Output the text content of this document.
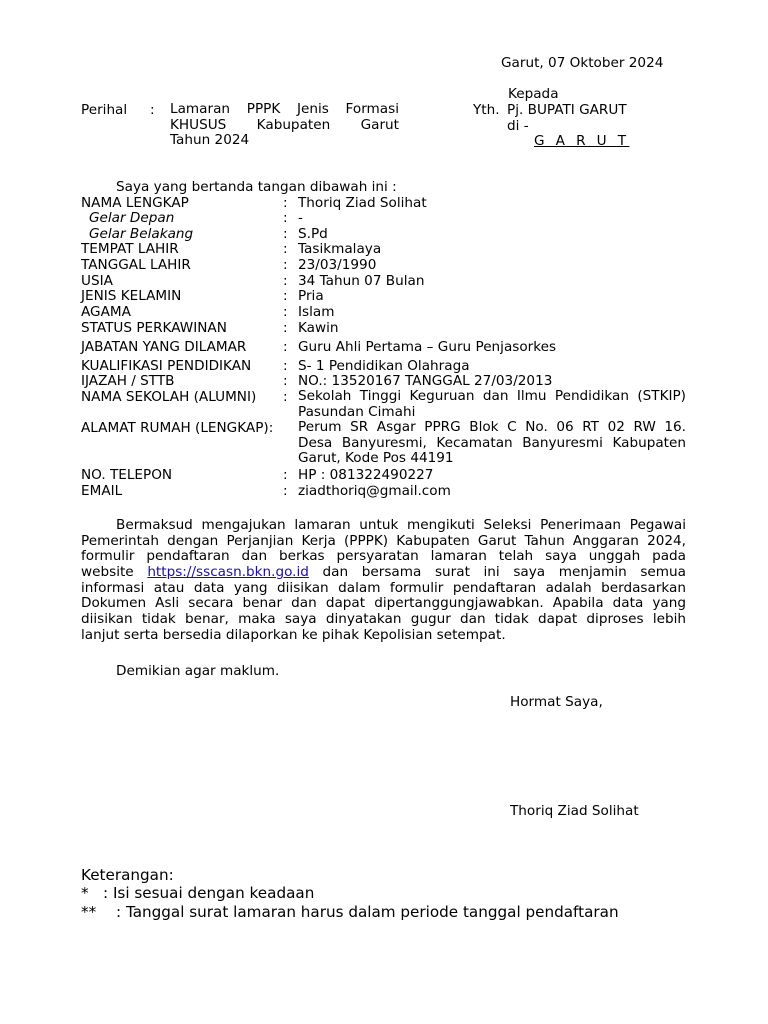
Garut, 07 Oktober 2024
Kepada
Yth. Pj. BUPATI GARUT
di -
G A R U T
Perihal : Lamaran PPPK Jenis Formasi
KHUSUS Kabupaten Garut
Tahun 2024
Saya yang bertanda tangan dibawah ini :
NAMA LENGKAP	: Thoriq Ziad Solihat
Gelar Depan	: -
Gelar Belakang	: S.Pd
TEMPAT LAHIR	: Tasikmalaya
TANGGAL LAHIR	: 23/03/1990
USIA	: 34 Tahun 07 Bulan
JENIS KELAMIN	: Pria
AGAMA	: Islam
STATUS PERKAWINAN	: Kawin
JABATAN YANG DILAMAR	: Guru Ahli Pertama – Guru Penjasorkes
KUALIFIKASI PENDIDIKAN : S- 1 Pendidikan Olahraga
IJAZAH / STTB	: NO.: 13520167 TANGGAL 27/03/2013
NAMA SEKOLAH (ALUMNI) : Sekolah Tinggi Keguruan dan Ilmu Pendidikan (STKIP)
Pasundan Cimahi
ALAMAT RUMAH (LENGKAP): Perum SR Asgar PPRG Blok C No. 06 RT 02 RW 16.
Desa Banyuresmi, Kecamatan Banyuresmi Kabupaten
Garut, Kode Pos 44191
NO. TELEPON	: HP : 081322490227
EMAIL	: ziadthoriq@gmail.com
Bermaksud mengajukan lamaran untuk mengikuti Seleksi Penerimaan Pegawai
Pemerintah dengan Perjanjian Kerja (PPPK) Kabupaten Garut Tahun Anggaran 2024,
formulir pendaftaran dan berkas persyaratan lamaran telah saya unggah pada
website https://sscasn.bkn.go.id dan bersama surat ini saya menjamin semua
informasi atau data yang diisikan dalam formulir pendaftaran adalah berdasarkan
Dokumen Asli secara benar dan dapat dipertanggungjawabkan. Apabila data yang
diisikan tidak benar, maka saya dinyatakan gugur dan tidak dapat diproses lebih
lanjut serta bersedia dilaporkan ke pihak Kepolisian setempat.
Demikian agar maklum.
Hormat Saya,
Thoriq Ziad Solihat
Keterangan:
* : Isi sesuai dengan keadaan
** : Tanggal surat lamaran harus dalam periode tanggal pendaftaran
